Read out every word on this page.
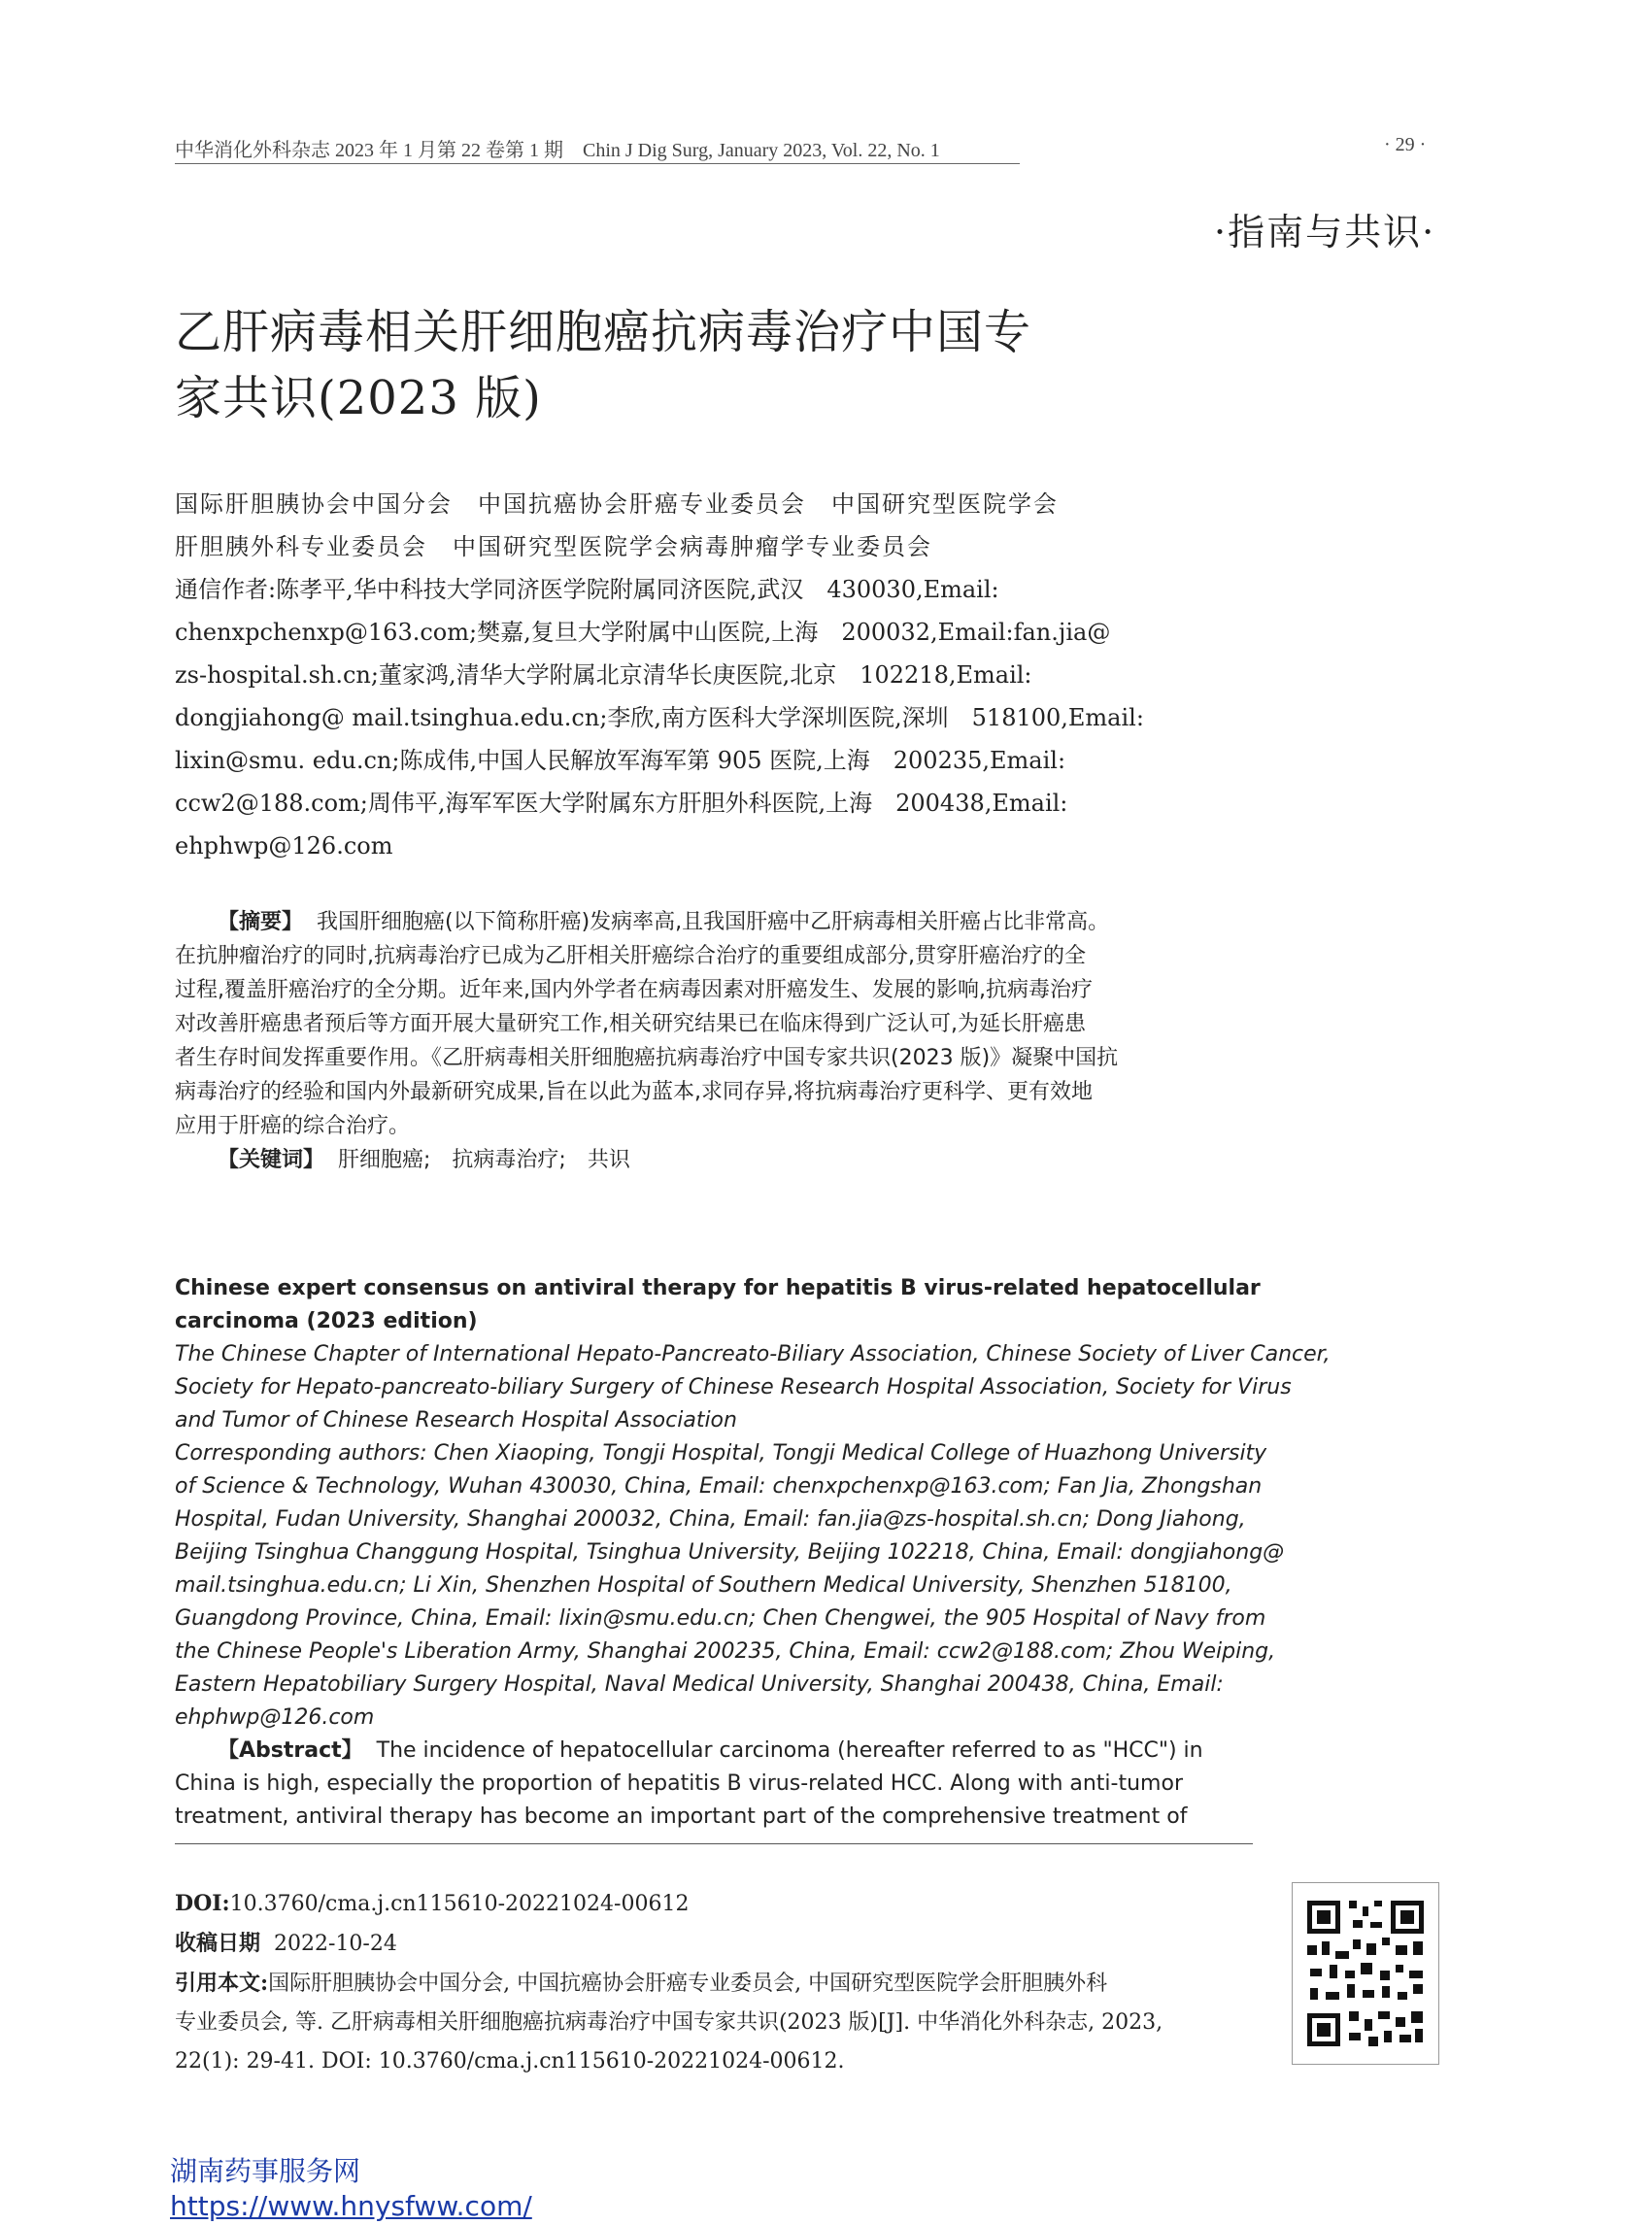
中华消化外科杂志 2023 年 1 月第 22 卷第 1 期　Chin J Dig Surg, January 2023, Vol. 22, No. 1	· 29 ·
·指南与共识·
乙肝病毒相关肝细胞癌抗病毒治疗中国专
家共识(2023 版)
国际肝胆胰协会中国分会　中国抗癌协会肝癌专业委员会　中国研究型医院学会
肝胆胰外科专业委员会　中国研究型医院学会病毒肿瘤学专业委员会
通信作者:陈孝平,华中科技大学同济医学院附属同济医院,武汉　430030,Email:
chenxpchenxp@163.com;樊嘉,复旦大学附属中山医院,上海　200032,Email:fan.jia@
zs-hospital.sh.cn;董家鸿,清华大学附属北京清华长庚医院,北京　102218,Email:
dongjiahong@ mail.tsinghua.edu.cn;李欣,南方医科大学深圳医院,深圳　518100,Email:
lixin@smu. edu.cn;陈成伟,中国人民解放军海军第 905 医院,上海　200235,Email:
ccw2@188.com;周伟平,海军军医大学附属东方肝胆外科医院,上海　200438,Email:
ehphwp@126.com
【摘要】 我国肝细胞癌(以下简称肝癌)发病率高,且我国肝癌中乙肝病毒相关肝癌占比非常高。
在抗肿瘤治疗的同时,抗病毒治疗已成为乙肝相关肝癌综合治疗的重要组成部分,贯穿肝癌治疗的全
过程,覆盖肝癌治疗的全分期。近年来,国内外学者在病毒因素对肝癌发生、发展的影响,抗病毒治疗
对改善肝癌患者预后等方面开展大量研究工作,相关研究结果已在临床得到广泛认可,为延长肝癌患
者生存时间发挥重要作用。《乙肝病毒相关肝细胞癌抗病毒治疗中国专家共识(2023 版)》凝聚中国抗
病毒治疗的经验和国内外最新研究成果,旨在以此为蓝本,求同存异,将抗病毒治疗更科学、更有效地
应用于肝癌的综合治疗。
【关键词】 肝细胞癌;　抗病毒治疗;　共识
Chinese expert consensus on antiviral therapy for hepatitis B virus-related hepatocellular
carcinoma (2023 edition)
The Chinese Chapter of International Hepato-Pancreato-Biliary Association, Chinese Society of Liver Cancer,
Society for Hepato-pancreato-biliary Surgery of Chinese Research Hospital Association, Society for Virus
and Tumor of Chinese Research Hospital Association
Corresponding authors: Chen Xiaoping, Tongji Hospital, Tongji Medical College of Huazhong University
of Science & Technology, Wuhan 430030, China, Email: chenxpchenxp@163.com; Fan Jia, Zhongshan
Hospital, Fudan University, Shanghai 200032, China, Email: fan.jia@zs-hospital.sh.cn; Dong Jiahong,
Beijing Tsinghua Changgung Hospital, Tsinghua University, Beijing 102218, China, Email: dongjiahong@
mail.tsinghua.edu.cn; Li Xin, Shenzhen Hospital of Southern Medical University, Shenzhen 518100,
Guangdong Province, China, Email: lixin@smu.edu.cn; Chen Chengwei, the 905 Hospital of Navy from
the Chinese People's Liberation Army, Shanghai 200235, China, Email: ccw2@188.com; Zhou Weiping,
Eastern Hepatobiliary Surgery Hospital, Naval Medical University, Shanghai 200438, China, Email:
ehphwp@126.com
【Abstract】 The incidence of hepatocellular carcinoma (hereafter referred to as "HCC") in
China is high, especially the proportion of hepatitis B virus-related HCC. Along with anti-tumor
treatment, antiviral therapy has become an important part of the comprehensive treatment of
DOI:10.3760/cma.j.cn115610-20221024-00612
收稿日期 2022-10-24
引用本文:国际肝胆胰协会中国分会, 中国抗癌协会肝癌专业委员会, 中国研究型医院学会肝胆胰外科
专业委员会, 等. 乙肝病毒相关肝细胞癌抗病毒治疗中国专家共识(2023 版)[J]. 中华消化外科杂志, 2023,
22(1): 29-41. DOI: 10.3760/cma.j.cn115610-20221024-00612.
湖南药事服务网
https://www.hnysfww.com/
